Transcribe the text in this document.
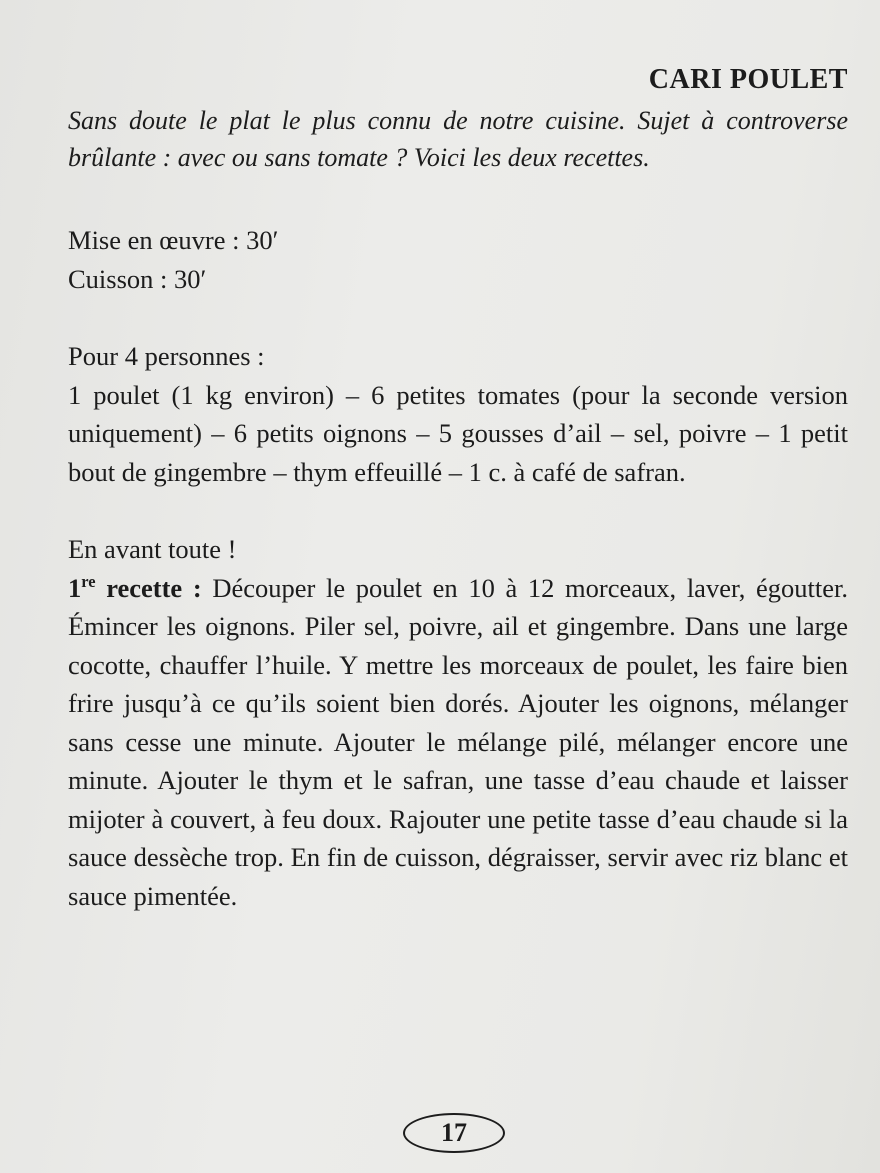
CARI POULET
Sans doute le plat le plus connu de notre cuisine. Sujet à controverse brûlante : avec ou sans tomate ? Voici les deux recettes.
Mise en œuvre : 30′
Cuisson : 30′
Pour 4 personnes :
1 poulet (1 kg environ) – 6 petites tomates (pour la seconde version uniquement) – 6 petits oignons – 5 gousses d’ail – sel, poivre – 1 petit bout de gingembre – thym effeuillé – 1 c. à café de safran.
En avant toute !
1re recette : Découper le poulet en 10 à 12 morceaux, laver, égoutter. Émincer les oignons. Piler sel, poivre, ail et gingembre. Dans une large cocotte, chauffer l’huile. Y mettre les morceaux de poulet, les faire bien frire jusqu’à ce qu’ils soient bien dorés. Ajouter les oignons, mélanger sans cesse une minute. Ajouter le mélange pilé, mélanger encore une minute. Ajouter le thym et le safran, une tasse d’eau chaude et laisser mijoter à couvert, à feu doux. Rajouter une petite tasse d’eau chaude si la sauce dessèche trop. En fin de cuisson, dégraisser, servir avec riz blanc et sauce pimentée.
17
